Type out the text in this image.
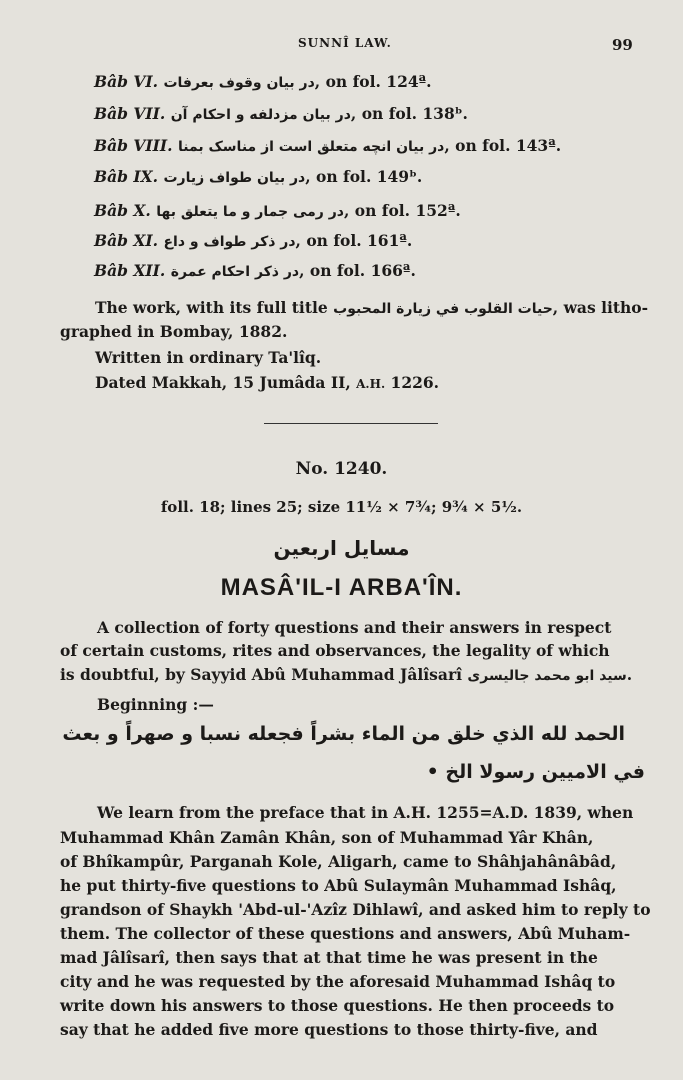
SUNNÎ LAW.	99
Bâb VI. در بیان وقوف بعرفات, on fol. 124ª.
Bâb VII. در بیان مزدلفه و احکام آن, on fol. 138ᵇ.
Bâb VIII. در بیان انچه متعلق است از مناسک بمنا, on fol. 143ª.
Bâb IX. در بیان طواف زیارت, on fol. 149ᵇ.
Bâb X. در رمی جمار و ما یتعلق بها, on fol. 152ª.
Bâb XI. در ذکر طواف و داع, on fol. 161ª.
Bâb XII. در ذکر احکام عمرة, on fol. 166ª.
The work, with its full title حيات القلوب في زيارة المحبوب, was litho-
graphed in Bombay, 1882.
Written in ordinary Ta'lîq.
Dated Makkah, 15 Jumâda II, A.H. 1226.
No. 1240.
foll. 18; lines 25; size 11½ × 7¾; 9¾ × 5½.
مسايل اربعين
MASÂ'IL-I ARBA'ÎN.
A collection of forty questions and their answers in respect
of certain customs, rites and observances, the legality of which
is doubtful, by Sayyid Abû Muhammad Jâlîsarî سید ابو محمد جالیسری.
Beginning :—
الحمد لله الذي خلق من الماء بشراً فجعله نسبا و صهراً و بعث
في الاميين رسولا الخ •
We learn from the preface that in A.H. 1255=A.D. 1839, when
Muhammad Khân Zamân Khân, son of Muhammad Yâr Khân,
of Bhîkampûr, Parganah Kole, Aligarh, came to Shâhjahânâbâd,
he put thirty-five questions to Abû Sulaymân Muhammad Ishâq,
grandson of Shaykh 'Abd-ul-'Azîz Dihlawî, and asked him to reply to
them. The collector of these questions and answers, Abû Muham-
mad Jâlîsarî, then says that at that time he was present in the
city and he was requested by the aforesaid Muhammad Ishâq to
write down his answers to those questions. He then proceeds to
say that he added five more questions to those thirty-five, and
